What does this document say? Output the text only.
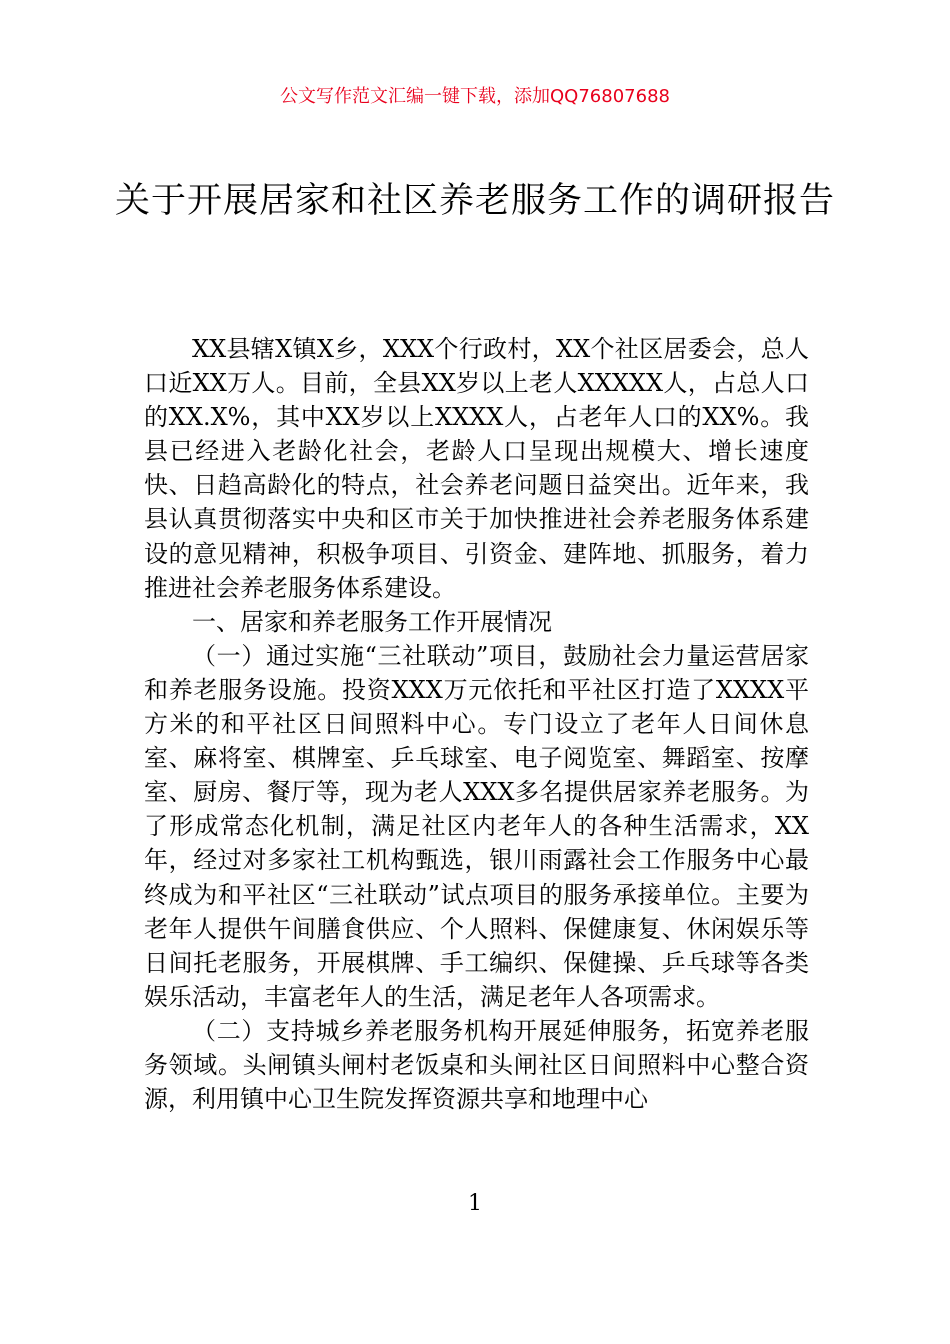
公文写作范文汇编一键下载，添加QQ76807688
关于开展居家和社区养老服务工作的调研报告

XX县辖X镇X乡，XXX个行政村，XX个社区居委会，总人口近XX万人。目前，全县XX岁以上老人XXXXX人，占总人口的XX.X%，其中XX岁以上XXXX人，占老年人口的XX%。我县已经进入老龄化社会，老龄人口呈现出规模大、增长速度快、日趋高龄化的特点，社会养老问题日益突出。近年来，我县认真贯彻落实中央和区市关于加快推进社会养老服务体系建设的意见精神，积极争项目、引资金、建阵地、抓服务，着力推进社会养老服务体系建设。

一、居家和养老服务工作开展情况

（一）通过实施“三社联动”项目，鼓励社会力量运营居家和养老服务设施。投资XXX万元依托和平社区打造了XXXX平方米的和平社区日间照料中心。专门设立了老年人日间休息室、麻将室、棋牌室、乒乓球室、电子阅览室、舞蹈室、按摩室、厨房、餐厅等，现为老人XXX多名提供居家养老服务。为了形成常态化机制，满足社区内老年人的各种生活需求，XX年，经过对多家社工机构甄选，银川雨露社会工作服务中心最终成为和平社区“三社联动”试点项目的服务承接单位。主要为老年人提供午间膳食供应、个人照料、保健康复、休闲娱乐等日间托老服务，开展棋牌、手工编织、保健操、乒乓球等各类娱乐活动，丰富老年人的生活，满足老年人各项需求。

（二）支持城乡养老服务机构开展延伸服务，拓宽养老服务领域。头闸镇头闸村老饭桌和头闸社区日间照料中心整合资源，利用镇中心卫生院发挥资源共享和地理中心

1
